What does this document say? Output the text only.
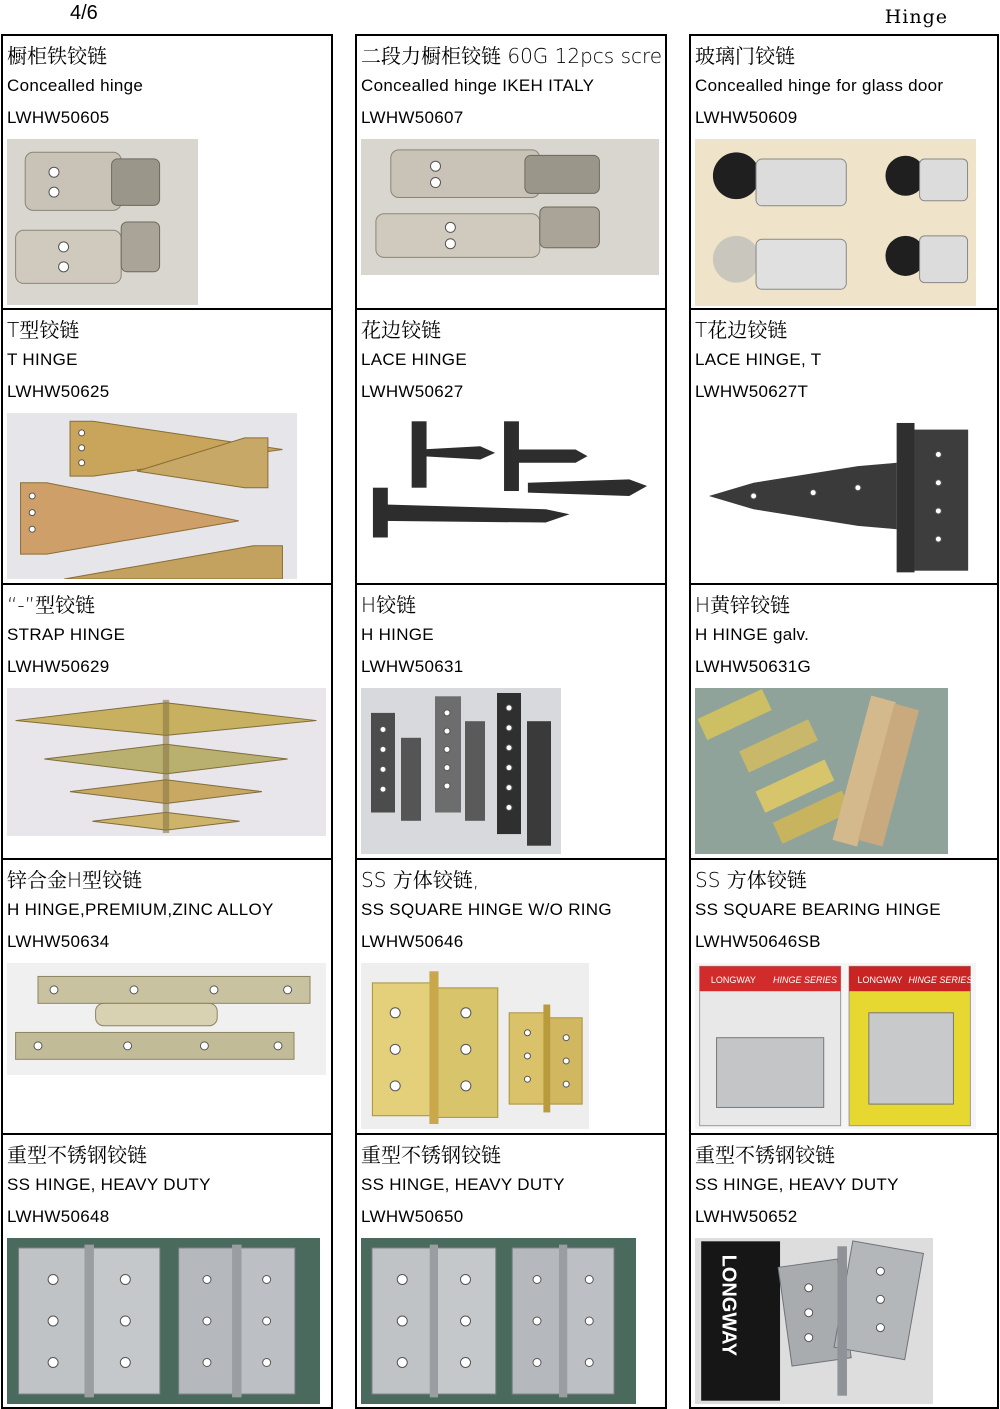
4/6	Hinge
橱柜铁铰链
Concealled hinge
LWHW50605
二段力橱柜铰链 60G 12pcs scre
Concealled hinge IKEH ITALY
LWHW50607
玻璃门铰链
Concealled hinge for glass door
LWHW50609
T型铰链
T HINGE
LWHW50625
花边铰链
LACE HINGE
LWHW50627
T花边铰链
LACE HINGE, T
LWHW50627T
“-”型铰链
STRAP HINGE
LWHW50629
H铰链
H HINGE
LWHW50631
H黄锌铰链
H HINGE galv.
LWHW50631G
锌合金H型铰链
H HINGE,PREMIUM,ZINC ALLOY
LWHW50634
SS 方体铰链,
SS SQUARE HINGE W/O RING
LWHW50646
SS 方体铰链
SS SQUARE BEARING HINGE
LWHW50646SB
LONGWAY	LONGWAY
HINGE SERIES	HINGE SERIES
重型不锈钢铰链
SS HINGE, HEAVY DUTY
LWHW50648
重型不锈钢铰链
SS HINGE, HEAVY DUTY
LWHW50650
重型不锈钢铰链
SS HINGE, HEAVY DUTY
LWHW50652
LONGWAY
